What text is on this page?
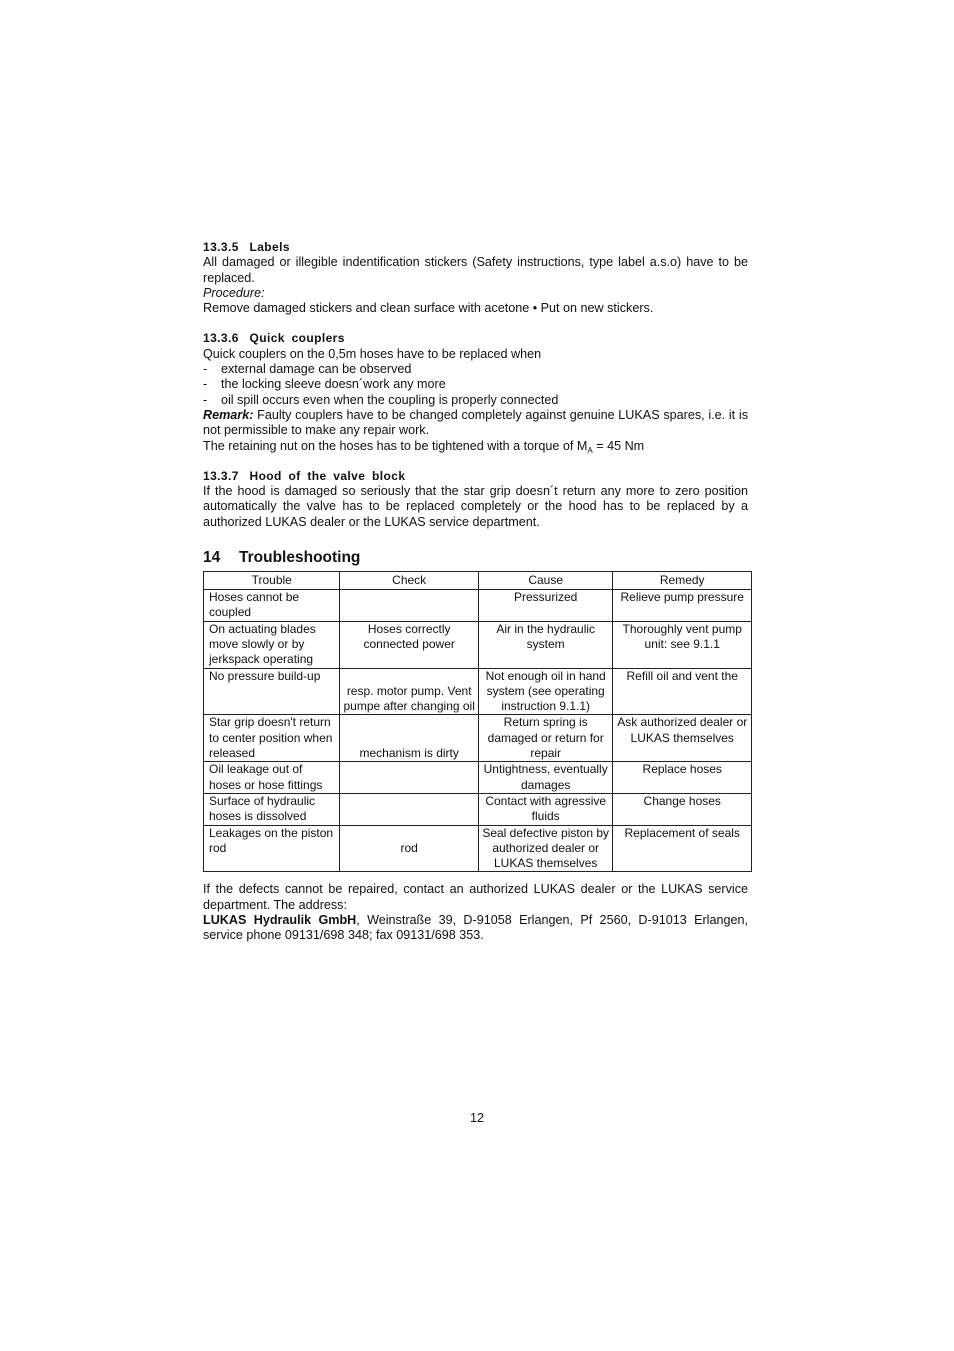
13.3.5 Labels

All damaged or illegible indentification stickers (Safety instructions, type label a.s.o) have to be replaced.

Procedure:

Remove damaged stickers and clean surface with acetone • Put on new stickers.

13.3.6 Quick couplers

Quick couplers on the 0,5m hoses have to be replaced when

-	external damage can be observed
-	the locking sleeve doesn´work any more
-	oil spill occurs even when the coupling is properly connected

Remark: Faulty couplers have to be changed completely against genuine LUKAS spares, i.e. it is not permissible to make any repair work.

The retaining nut on the hoses has to be tightened with a torque of $M_A = 45$ Nm

13.3.7 Hood of the valve block

If the hood is damaged so seriously that the star grip doesn´t return any more to zero position automatically the valve has to be replaced completely or the hood has to be replaced by a authorized LUKAS dealer or the LUKAS service department.

14 Troubleshooting
Trouble	Check	Cause	Remedy
Hoses cannot be coupled		Pressurized	Relieve pump pressure
On actuating blades move slowly or by jerkspack operating	Hoses correctly connected power	Air in the hydraulic system	Thoroughly vent pump unit: see 9.1.1
No pressure build-up	resp. motor pump. Vent pumpe after changing oil	Not enough oil in hand system (see operating instruction 9.1.1)	Refill oil and vent the
Star grip doesn't return to center position when released	mechanism is dirty	Return spring is damaged or return for repair	Ask authorized dealer or LUKAS themselves
Oil leakage out of hoses or hose fittings		Untightness, eventually damages	Replace hoses
Surface of hydraulic hoses is dissolved		Contact with agressive fluids	Change hoses
Leakages on the piston rod	rod	Seal defective piston by authorized dealer or LUKAS themselves	Replacement of seals

If the defects cannot be repaired, contact an authorized LUKAS dealer or the LUKAS service department. The address:

LUKAS Hydraulik GmbH, Weinstraße 39, D-91058 Erlangen, Pf 2560, D-91013 Erlangen, service phone 09131/698 348; fax 09131/698 353.

12
